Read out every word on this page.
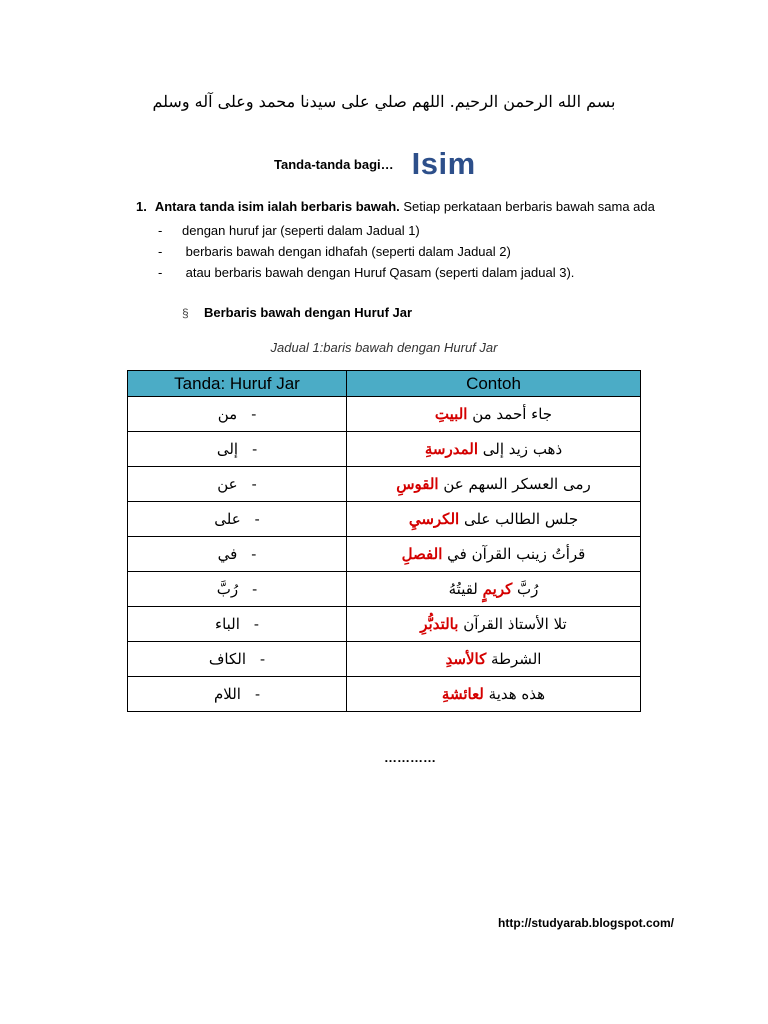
بسم الله الرحمن الرحيم. اللهم صلي على سيدنا محمد وعلى آله وسلم
Tanda-tanda bagi… Isim
1. Antara tanda isim ialah berbaris bawah. Setiap perkataan berbaris bawah sama ada
- dengan huruf jar (seperti dalam Jadual 1)
- berbaris bawah dengan idhafah (seperti dalam Jadual 2)
- atau berbaris bawah dengan Huruf Qasam (seperti dalam jadual 3).
§ Berbaris bawah dengan Huruf Jar
Jadual 1:baris bawah dengan Huruf Jar
Tanda: Huruf Jar	Contoh
من -	جاء أحمد من البيتِ
إلى -	ذهب زيد إلى المدرسةِ
عن -	رمى العسكر السهم عن القوسِ
على -	جلس الطالب على الكرسيِ
في -	قرأتُ زينب القرآن في الفصلِ
رُبَّ -	رُبَّ كريمٍ لقيتُهُ
الباء -	تلا الأستاذ القرآن بالتدبُّرِ
الكاف -	الشرطة كالأسدِ
اللام -	هذه هدية لعائشةِ
…………
http://studyarab.blogspot.com/
